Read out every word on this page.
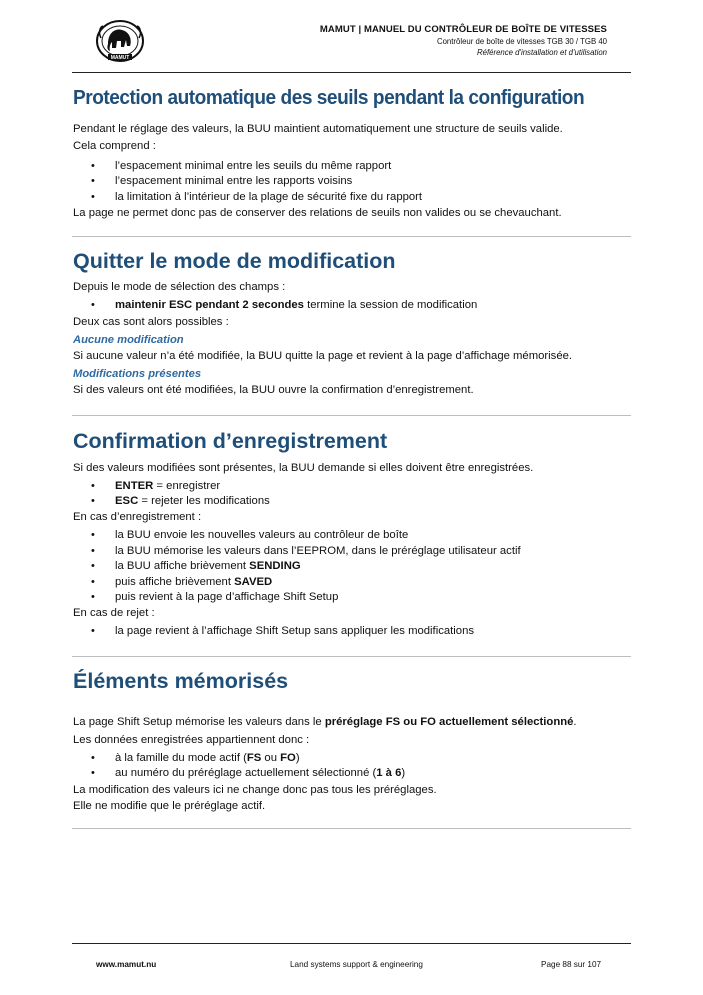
MAMUT
MAMUT | MANUEL DU CONTRÔLEUR DE BOÎTE DE VITESSES
Contrôleur de boîte de vitesses TGB 30 / TGB 40
Référence d'installation et d'utilisation
Protection automatique des seuils pendant la configuration

Pendant le réglage des valeurs, la BUU maintient automatiquement une structure de seuils valide.

Cela comprend :

• l’espacement minimal entre les seuils du même rapport
• l’espacement minimal entre les rapports voisins
• la limitation à l’intérieur de la plage de sécurité fixe du rapport

La page ne permet donc pas de conserver des relations de seuils non valides ou se chevauchant.

Quitter le mode de modification

Depuis le mode de sélection des champs :

• maintenir ESC pendant 2 secondes termine la session de modification

Deux cas sont alors possibles :

Aucune modification

Si aucune valeur n’a été modifiée, la BUU quitte la page et revient à la page d’affichage mémorisée.

Modifications présentes

Si des valeurs ont été modifiées, la BUU ouvre la confirmation d’enregistrement.

Confirmation d’enregistrement

Si des valeurs modifiées sont présentes, la BUU demande si elles doivent être enregistrées.

• ENTER = enregistrer
• ESC = rejeter les modifications

En cas d’enregistrement :

• la BUU envoie les nouvelles valeurs au contrôleur de boîte
• la BUU mémorise les valeurs dans l’EEPROM, dans le préréglage utilisateur actif
• la BUU affiche brièvement SENDING
• puis affiche brièvement SAVED
• puis revient à la page d’affichage Shift Setup

En cas de rejet :

• la page revient à l’affichage Shift Setup sans appliquer les modifications
Éléments mémorisés

La page Shift Setup mémorise les valeurs dans le préréglage FS ou FO actuellement sélectionné.

Les données enregistrées appartiennent donc :

• à la famille du mode actif (FS ou FO)
• au numéro du préréglage actuellement sélectionné (1 à 6)

La modification des valeurs ici ne change donc pas tous les préréglages.

Elle ne modifie que le préréglage actif.

www.mamut.nu	Land systems support & engineering	Page 88 sur 107
